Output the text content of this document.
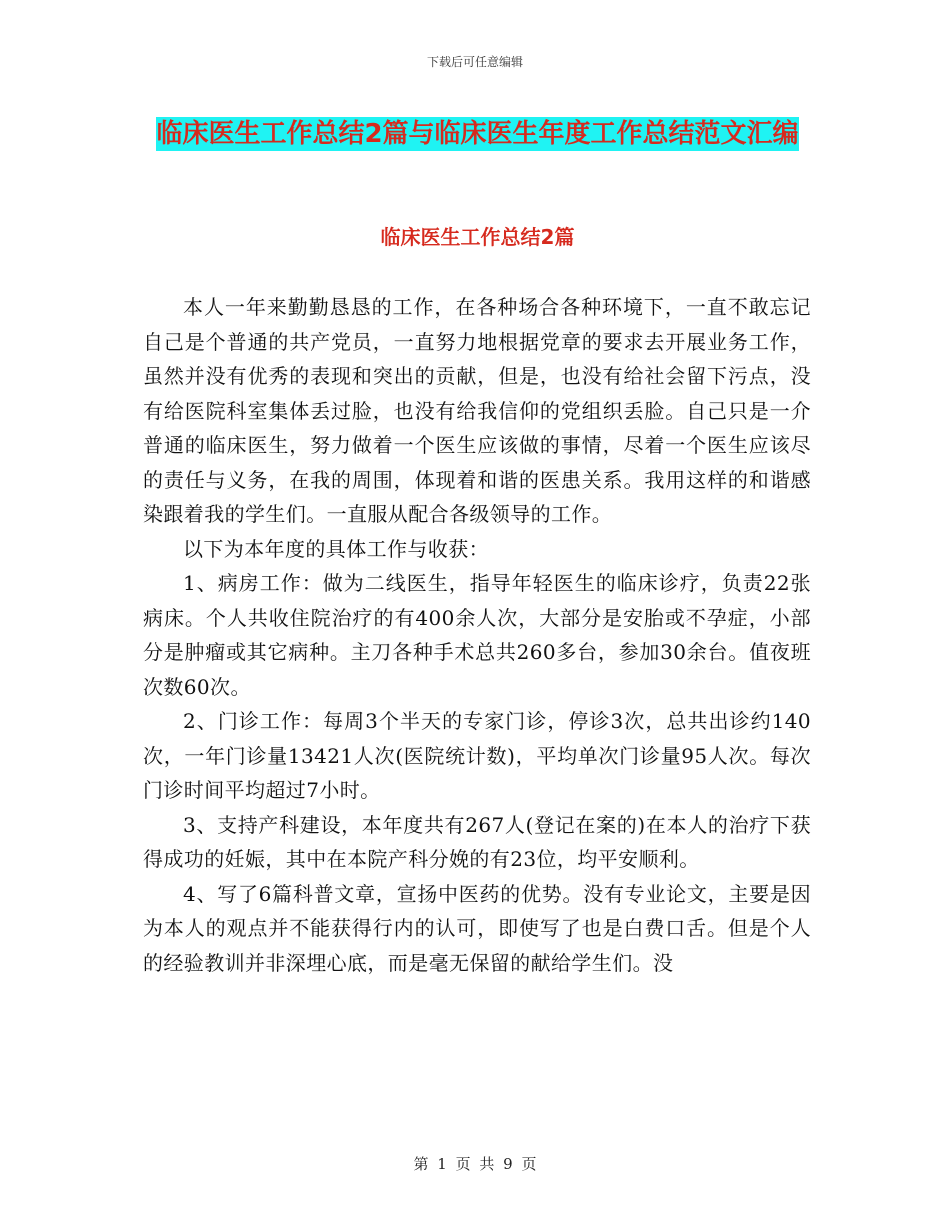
下载后可任意编辑
临床医生工作总结2篇与临床医生年度工作总结范文汇编
临床医生工作总结2篇

本人一年来勤勤恳恳的工作，在各种场合各种环境下，一直不敢忘记自己是个普通的共产党员，一直努力地根据党章的要求去开展业务工作，虽然并没有优秀的表现和突出的贡献，但是，也没有给社会留下污点，没有给医院科室集体丢过脸，也没有给我信仰的党组织丢脸。自己只是一介普通的临床医生，努力做着一个医生应该做的事情，尽着一个医生应该尽的责任与义务，在我的周围，体现着和谐的医患关系。我用这样的和谐感染跟着我的学生们。一直服从配合各级领导的工作。

以下为本年度的具体工作与收获：

1、病房工作：做为二线医生，指导年轻医生的临床诊疗，负责22张病床。个人共收住院治疗的有400余人次，大部分是安胎或不孕症，小部分是肿瘤或其它病种。主刀各种手术总共260多台，参加30余台。值夜班次数60次。

2、门诊工作：每周3个半天的专家门诊，停诊3次，总共出诊约140次，一年门诊量13421人次(医院统计数)，平均单次门诊量95人次。每次门诊时间平均超过7小时。

3、支持产科建设，本年度共有267人(登记在案的)在本人的治疗下获得成功的妊娠，其中在本院产科分娩的有23位，均平安顺利。

4、写了6篇科普文章，宣扬中医药的优势。没有专业论文，主要是因为本人的观点并不能获得行内的认可，即使写了也是白费口舌。但是个人的经验教训并非深埋心底，而是毫无保留的献给学生们。没

第 1 页 共 9 页
